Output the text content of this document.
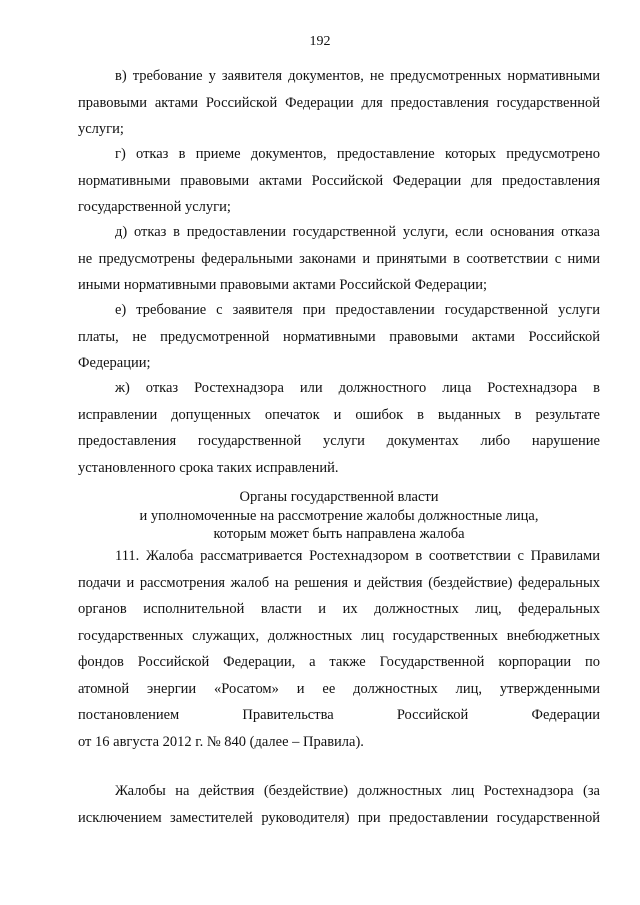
192
в) требование у заявителя документов, не предусмотренных нормативными
правовыми актами Российской Федерации для предоставления государственной
услуги;
г) отказ в приеме документов, предоставление которых предусмотрено
нормативными правовыми актами Российской Федерации для предоставления
государственной услуги;
д) отказ в предоставлении государственной услуги, если основания отказа
не предусмотрены федеральными законами и принятыми в соответствии с ними
иными нормативными правовыми актами Российской Федерации;
е) требование с заявителя при предоставлении государственной услуги
платы, не предусмотренной нормативными правовыми актами Российской
Федерации;
ж) отказ Ростехнадзора или должностного лица Ростехнадзора в
исправлении допущенных опечаток и ошибок в выданных в результате
предоставления государственной услуги документах либо нарушение
установленного срока таких исправлений.
Органы государственной власти
и уполномоченные на рассмотрение жалобы должностные лица,
которым может быть направлена жалоба
111. Жалоба рассматривается Ростехнадзором в соответствии с Правилами
подачи и рассмотрения жалоб на решения и действия (бездействие) федеральных
органов исполнительной власти и их должностных лиц, федеральных
государственных служащих, должностных лиц государственных внебюджетных
фондов Российской Федерации, а также Государственной корпорации по
атомной энергии «Росатом» и ее должностных лиц, утвержденными
постановлением Правительства Российской Федерации
от 16 августа 2012 г. № 840 (далее – Правила).
Жалобы на действия (бездействие) должностных лиц Ростехнадзора (за
исключением заместителей руководителя) при предоставлении государственной
